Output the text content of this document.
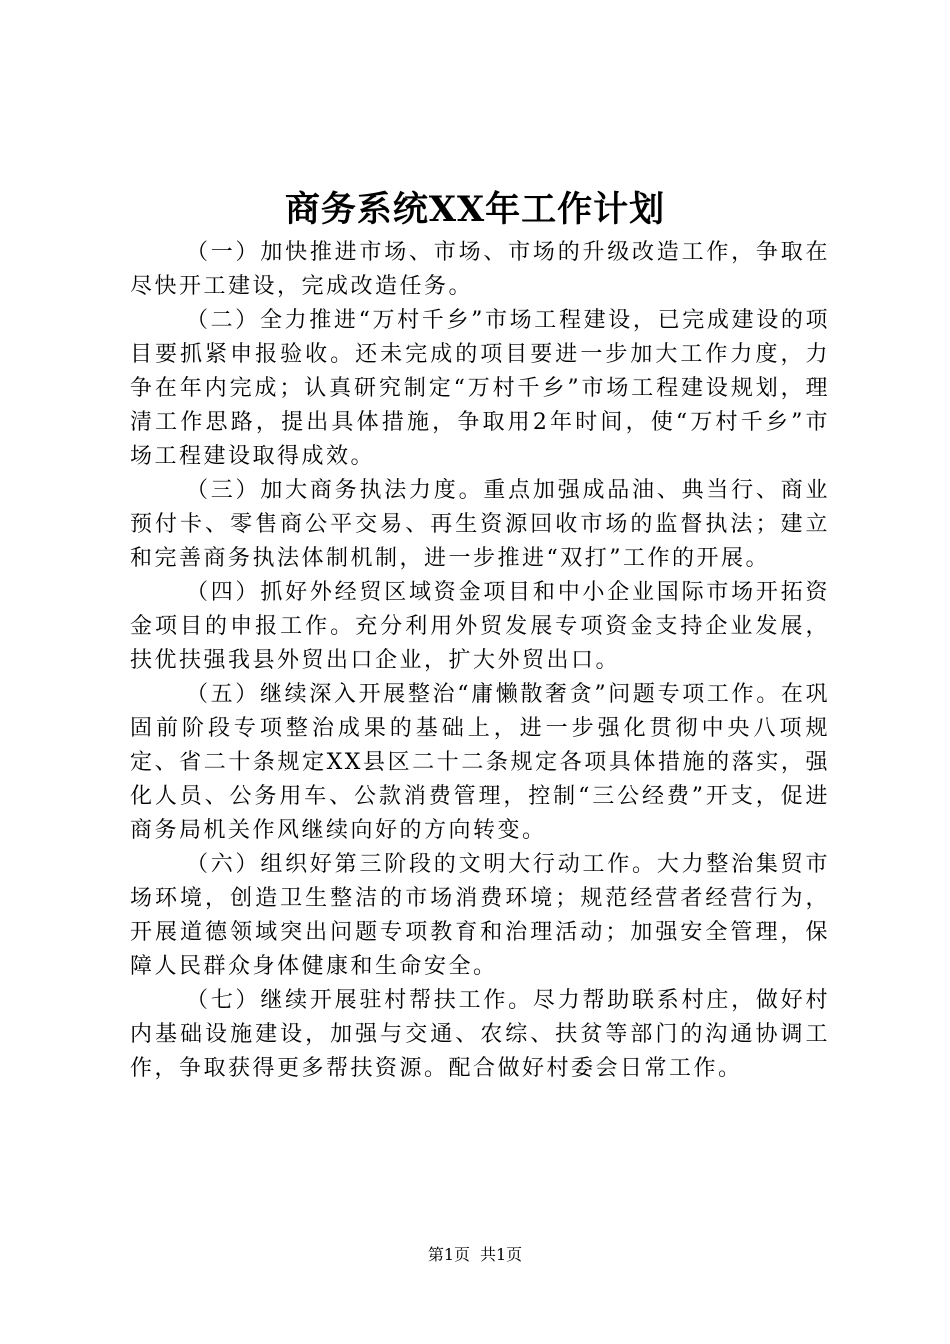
商务系统XX年工作计划

（一）加快推进市场、市场、市场的升级改造工作，争取在尽快开工建设，完成改造任务。

（二）全力推进“万村千乡”市场工程建设，已完成建设的项目要抓紧申报验收。还未完成的项目要进一步加大工作力度，力争在年内完成；认真研究制定“万村千乡”市场工程建设规划，理清工作思路，提出具体措施，争取用2年时间，使“万村千乡”市场工程建设取得成效。

（三）加大商务执法力度。重点加强成品油、典当行、商业预付卡、零售商公平交易、再生资源回收市场的监督执法；建立和完善商务执法体制机制，进一步推进“双打”工作的开展。

（四）抓好外经贸区域资金项目和中小企业国际市场开拓资金项目的申报工作。充分利用外贸发展专项资金支持企业发展，扶优扶强我县外贸出口企业，扩大外贸出口。

（五）继续深入开展整治“庸懒散奢贪”问题专项工作。在巩固前阶段专项整治成果的基础上，进一步强化贯彻中央八项规定、省二十条规定XX县区二十二条规定各项具体措施的落实，强化人员、公务用车、公款消费管理，控制“三公经费”开支，促进商务局机关作风继续向好的方向转变。

（六）组织好第三阶段的文明大行动工作。大力整治集贸市场环境，创造卫生整洁的市场消费环境；规范经营者经营行为，开展道德领域突出问题专项教育和治理活动；加强安全管理，保障人民群众身体健康和生命安全。

（七）继续开展驻村帮扶工作。尽力帮助联系村庄，做好村内基础设施建设，加强与交通、农综、扶贫等部门的沟通协调工作，争取获得更多帮扶资源。配合做好村委会日常工作。

第1页 共1页
